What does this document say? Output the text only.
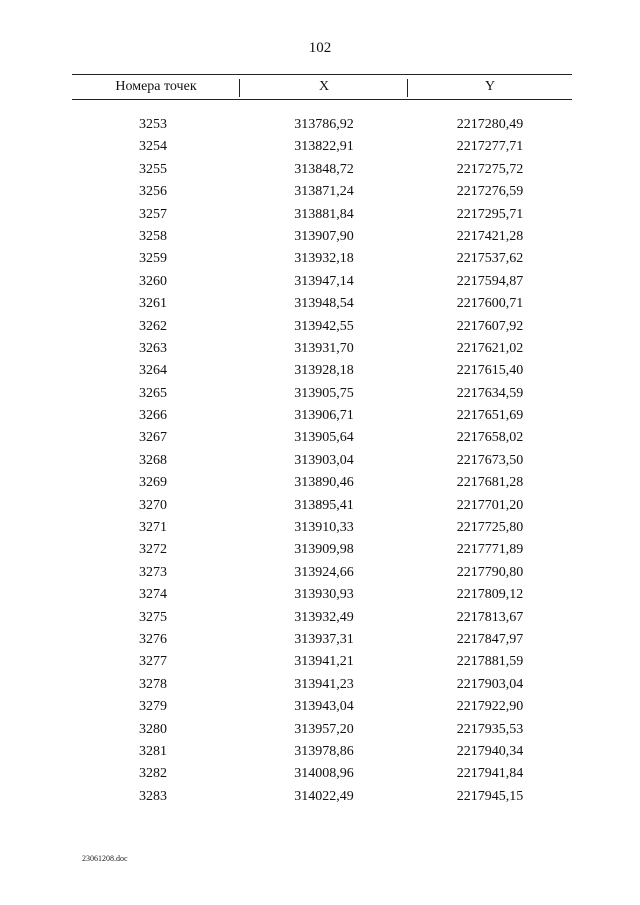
102
Номера точек	X	Y
3253	313786,92	2217280,49
3254	313822,91	2217277,71
3255	313848,72	2217275,72
3256	313871,24	2217276,59
3257	313881,84	2217295,71
3258	313907,90	2217421,28
3259	313932,18	2217537,62
3260	313947,14	2217594,87
3261	313948,54	2217600,71
3262	313942,55	2217607,92
3263	313931,70	2217621,02
3264	313928,18	2217615,40
3265	313905,75	2217634,59
3266	313906,71	2217651,69
3267	313905,64	2217658,02
3268	313903,04	2217673,50
3269	313890,46	2217681,28
3270	313895,41	2217701,20
3271	313910,33	2217725,80
3272	313909,98	2217771,89
3273	313924,66	2217790,80
3274	313930,93	2217809,12
3275	313932,49	2217813,67
3276	313937,31	2217847,97
3277	313941,21	2217881,59
3278	313941,23	2217903,04
3279	313943,04	2217922,90
3280	313957,20	2217935,53
3281	313978,86	2217940,34
3282	314008,96	2217941,84
3283	314022,49	2217945,15
23061208.doc
